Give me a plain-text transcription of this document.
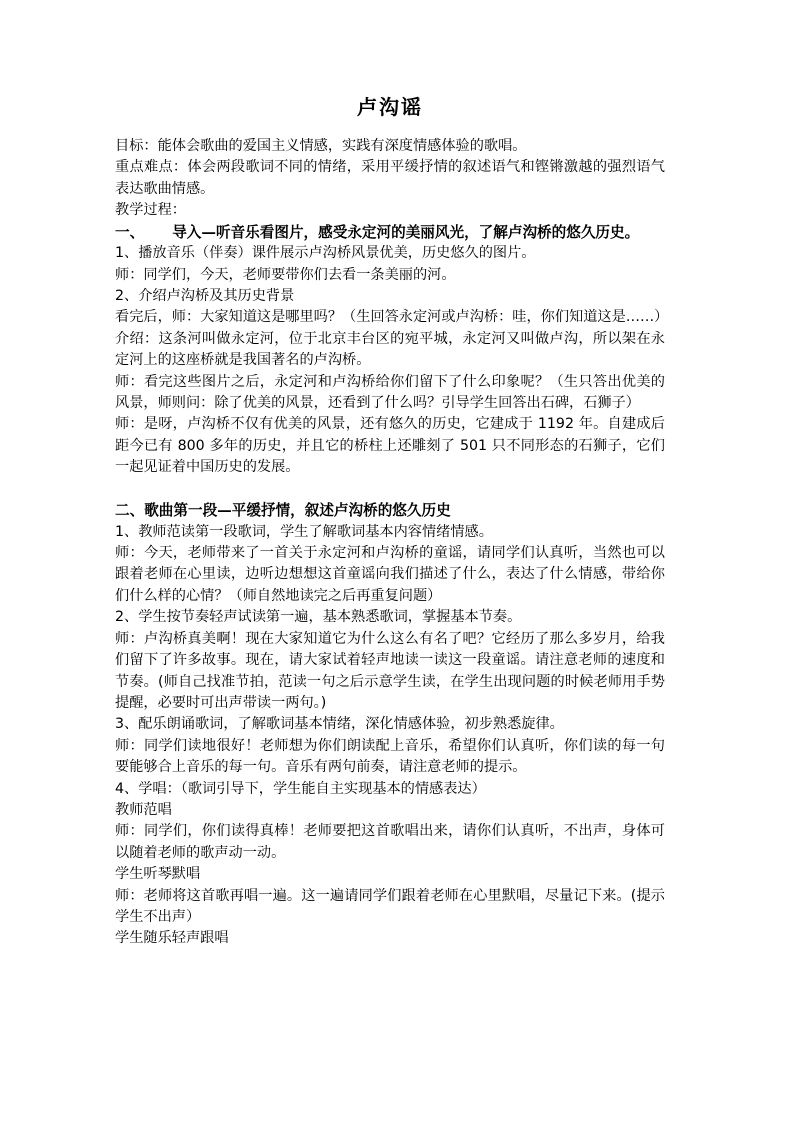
卢沟谣

目标：能体会歌曲的爱国主义情感，实践有深度情感体验的歌唱。

重点难点：体会两段歌词不同的情绪，采用平缓抒情的叙述语气和铿锵激越的强烈语气表达歌曲情感。

教学过程：

一、 导入—听音乐看图片，感受永定河的美丽风光，了解卢沟桥的悠久历史。

1、播放音乐（伴奏）课件展示卢沟桥风景优美，历史悠久的图片。

师：同学们，今天，老师要带你们去看一条美丽的河。

2、介绍卢沟桥及其历史背景

看完后，师：大家知道这是哪里吗？（生回答永定河或卢沟桥：哇，你们知道这是……）

介绍：这条河叫做永定河，位于北京丰台区的宛平城，永定河又叫做卢沟，所以架在永定河上的这座桥就是我国著名的卢沟桥。

师：看完这些图片之后，永定河和卢沟桥给你们留下了什么印象呢？（生只答出优美的风景，师则问：除了优美的风景，还看到了什么吗？引导学生回答出石碑，石狮子）

师：是呀，卢沟桥不仅有优美的风景，还有悠久的历史，它建成于 1192 年。自建成后距今已有 800 多年的历史，并且它的桥柱上还雕刻了 501 只不同形态的石狮子，它们一起见证着中国历史的发展。

二、歌曲第一段—平缓抒情，叙述卢沟桥的悠久历史

1、教师范读第一段歌词，学生了解歌词基本内容情绪情感。

师：今天，老师带来了一首关于永定河和卢沟桥的童谣，请同学们认真听，当然也可以跟着老师在心里读，边听边想想这首童谣向我们描述了什么，表达了什么情感，带给你们什么样的心情？（师自然地读完之后再重复问题）

2、学生按节奏轻声试读第一遍，基本熟悉歌词，掌握基本节奏。

师：卢沟桥真美啊！现在大家知道它为什么这么有名了吧？它经历了那么多岁月，给我们留下了许多故事。现在，请大家试着轻声地读一读这一段童谣。请注意老师的速度和节奏。(师自己找准节拍，范读一句之后示意学生读，在学生出现问题的时候老师用手势提醒，必要时可出声带读一两句。)

3、配乐朗诵歌词，了解歌词基本情绪，深化情感体验，初步熟悉旋律。

师：同学们读地很好！老师想为你们朗读配上音乐，希望你们认真听，你们读的每一句要能够合上音乐的每一句。音乐有两句前奏，请注意老师的提示。

4、学唱：（歌词引导下，学生能自主实现基本的情感表达）

教师范唱

师：同学们，你们读得真棒！老师要把这首歌唱出来，请你们认真听，不出声，身体可以随着老师的歌声动一动。

学生听琴默唱

师：老师将这首歌再唱一遍。这一遍请同学们跟着老师在心里默唱，尽量记下来。(提示学生不出声）

学生随乐轻声跟唱
